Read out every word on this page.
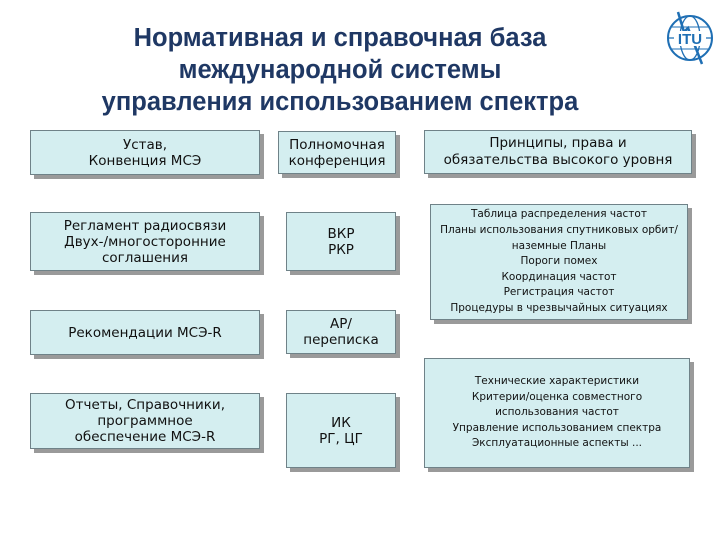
Нормативная и справочная база
международной системы
управления использованием спектра
ITU
Устав,
Конвенция МСЭ
Регламент радиосвязи
Двух-/многосторонние
соглашения
Рекомендации МСЭ-R
Отчеты, Справочники,
программное
обеспечение МСЭ-R
Полномочная
конференция
ВКР
РКР
АР/
переписка
ИК
РГ, ЦГ
Принципы, права и
обязательства высокого уровня
Таблица распределения частот
Планы использования спутниковых орбит/
наземные Планы
Пороги помех
Координация частот
Регистрация частот
Процедуры в чрезвычайных ситуациях
Технические характеристики
Критерии/оценка совместного
использования частот
Управление использованием спектра
Эксплуатационные аспекты ...
